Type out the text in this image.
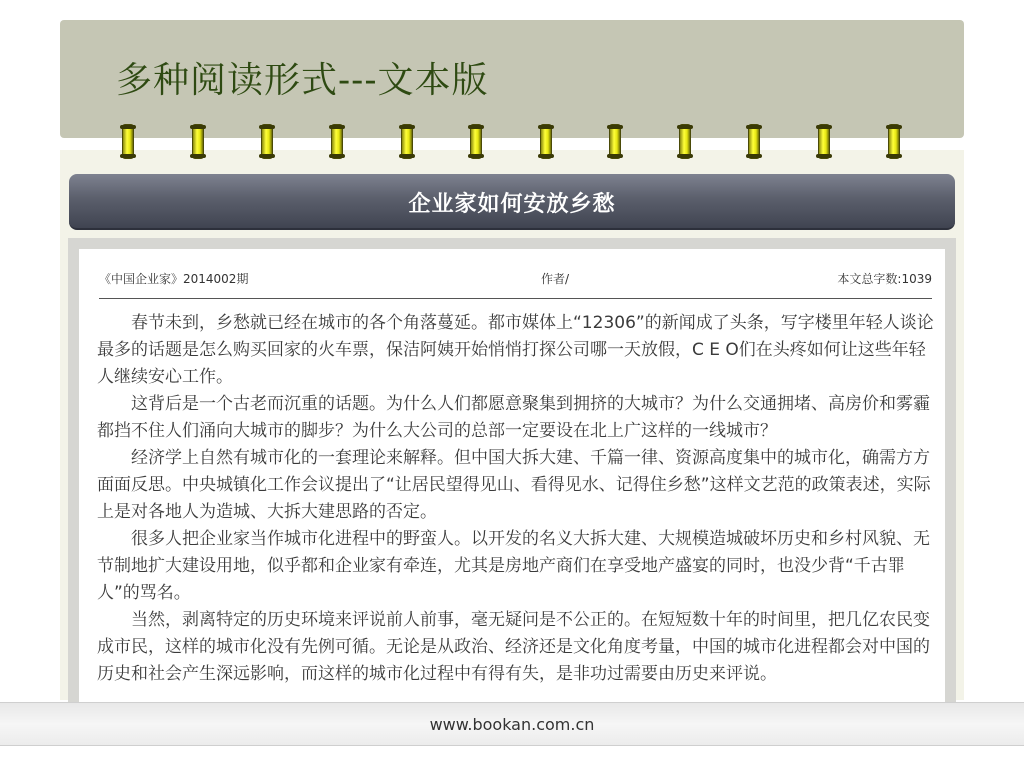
多种阅读形式---文本版
企业家如何安放乡愁
《中国企业家》2014002期	作者/	本文总字数:1039

春节未到，乡愁就已经在城市的各个角落蔓延。都市媒体上“12306”的新闻成了头条，写字楼里年轻人谈论最多的话题是怎么购买回家的火车票，保洁阿姨开始悄悄打探公司哪一天放假，C E O们在头疼如何让这些年轻人继续安心工作。

这背后是一个古老而沉重的话题。为什么人们都愿意聚集到拥挤的大城市？为什么交通拥堵、高房价和雾霾都挡不住人们涌向大城市的脚步？为什么大公司的总部一定要设在北上广这样的一线城市？

经济学上自然有城市化的一套理论来解释。但中国大拆大建、千篇一律、资源高度集中的城市化，确需方方面面反思。中央城镇化工作会议提出了“让居民望得见山、看得见水、记得住乡愁”这样文艺范的政策表述，实际上是对各地人为造城、大拆大建思路的否定。

很多人把企业家当作城市化进程中的野蛮人。以开发的名义大拆大建、大规模造城破坏历史和乡村风貌、无节制地扩大建设用地，似乎都和企业家有牵连，尤其是房地产商们在享受地产盛宴的同时，也没少背“千古罪人”的骂名。

当然，剥离特定的历史环境来评说前人前事，毫无疑问是不公正的。在短短数十年的时间里，把几亿农民变成市民，这样的城市化没有先例可循。无论是从政治、经济还是文化角度考量，中国的城市化进程都会对中国的历史和社会产生深远影响，而这样的城市化过程中有得有失，是非功过需要由历史来评说。

www.bookan.com.cn
